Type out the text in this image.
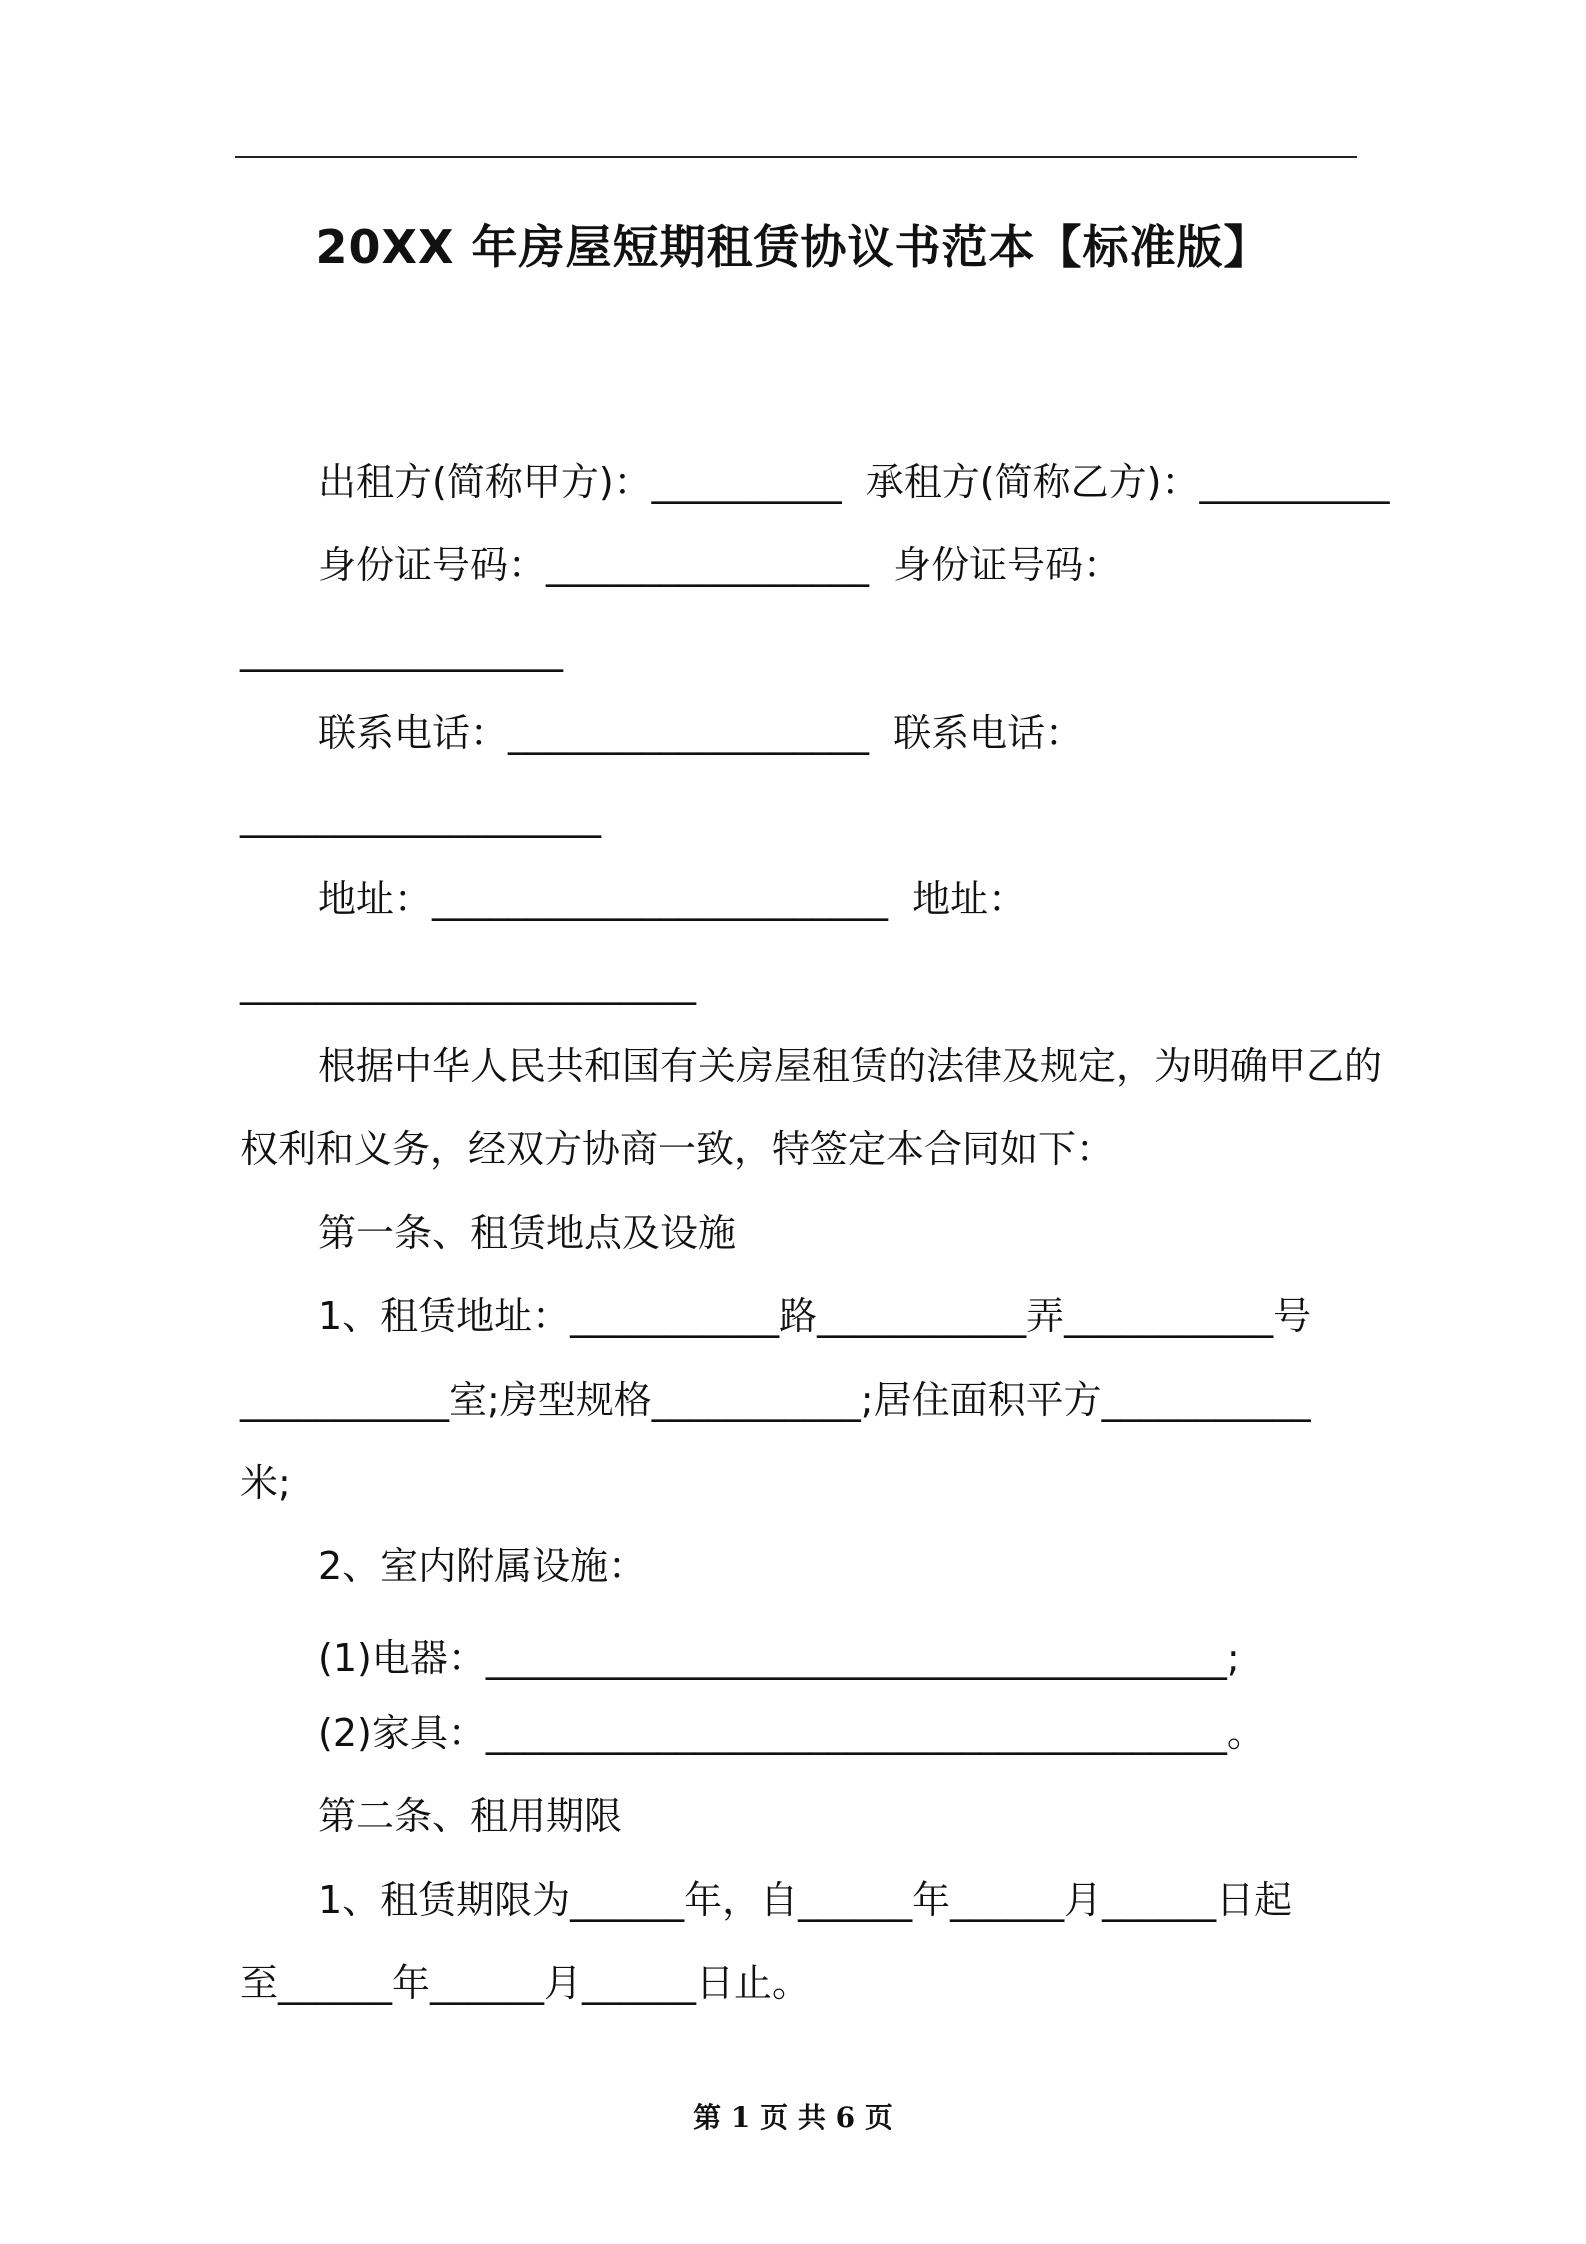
20XX 年房屋短期租赁协议书范本【标准版】
出租方(简称甲方)：__________  承租方(简称乙方)：__________
身份证号码：_________________  身份证号码：
_________________
联系电话：___________________  联系电话：
___________________
地址：________________________  地址：
________________________
根据中华人民共和国有关房屋租赁的法律及规定，为明确甲乙的
权利和义务，经双方协商一致，特签定本合同如下：
第一条、租赁地点及设施
1、租赁地址：___________路___________弄___________号
___________室;房型规格___________;居住面积平方___________
米;
2、室内附属设施：
(1)电器：_______________________________________;
(2)家具：_______________________________________。
第二条、租用期限
1、租赁期限为______年，自______年______月______日起
至______年______月______日止。
第 1 页 共 6 页
